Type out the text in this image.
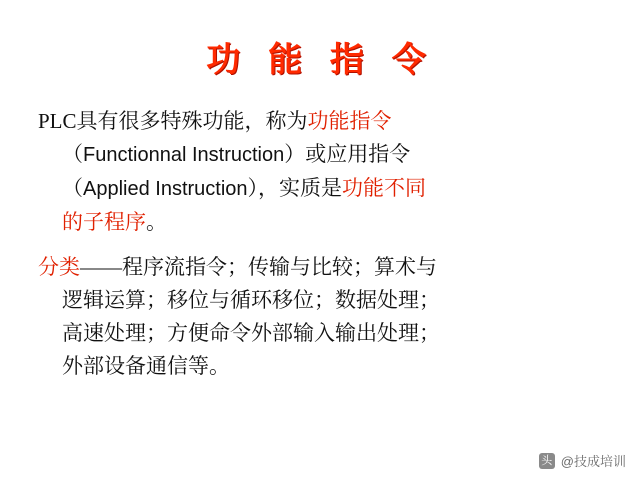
功 能 指 令
PLC具有很多特殊功能，称为功能指令
（Functionnal Instruction）或应用指令
（Applied Instruction），实质是功能不同
的子程序。
分类——程序流指令；传输与比较；算术与
逻辑运算；移位与循环移位；数据处理；
高速处理；方便命令外部输入输出处理；
外部设备通信等。
头条
@技成培训
